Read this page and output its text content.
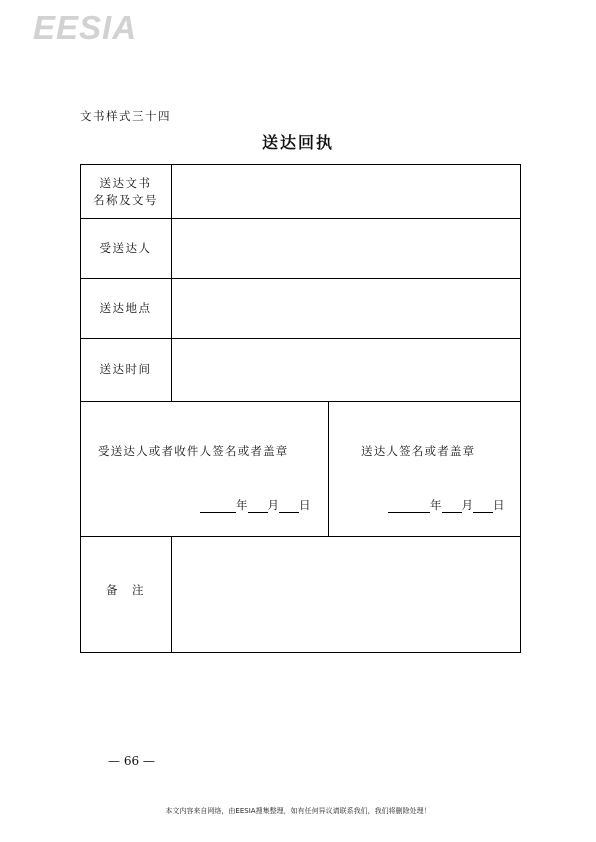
EESIA
文书样式三十四
送达回执
送达文书
名称及文号
受送达人
送达地点
送达时间
备　注
受送达人或者收件人签名或者盖章
年 月 日
送达人签名或者盖章
年 月 日
— 66 —
本文内容来自网络，由EESIA搜集整理，如有任何异议请联系我们，我们将删除处理！
